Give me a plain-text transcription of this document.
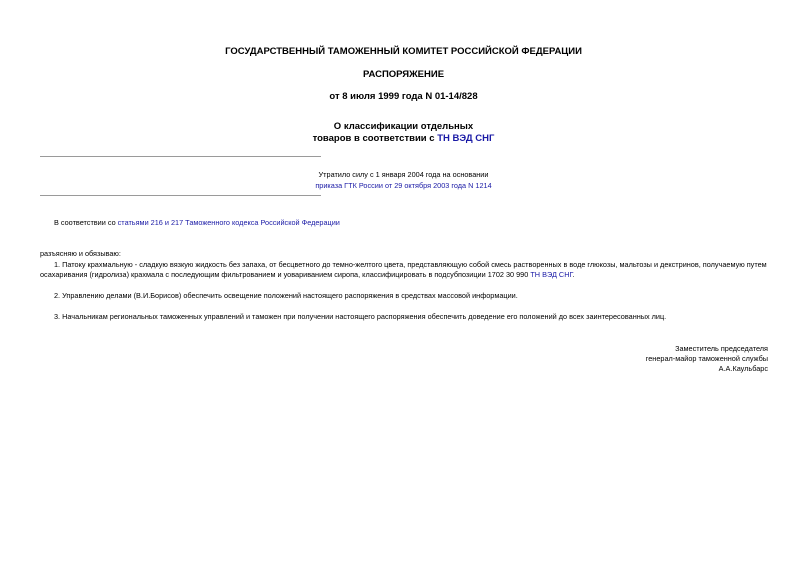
ГОСУДАРСТВЕННЫЙ ТАМОЖЕННЫЙ КОМИТЕТ РОССИЙСКОЙ ФЕДЕРАЦИИ
РАСПОРЯЖЕНИЕ
от 8 июля 1999 года N 01-14/828
О классификации отдельных
товаров в соответствии с ТН ВЭД СНГ
Утратило силу с 1 января 2004 года на основании
приказа ГТК России от 29 октября 2003 года N 1214
В соответствии со статьями 216 и 217 Таможенного кодекса Российской Федерации
разъясняю и обязываю:
1. Патоку крахмальную - сладкую вязкую жидкость без запаха, от бесцветного до темно-желтого цвета, представляющую собой смесь растворенных в воде глюкозы, мальтозы и декстринов, получаемую путем
осахаривания (гидролиза) крахмала с последующим фильтрованием и уовариванием сиропа, классифицировать в подсубпозиции 1702 30 990 ТН ВЭД СНГ.
2. Управлению делами (В.И.Борисов) обеспечить освещение положений настоящего распоряжения в средствах массовой информации.
3. Начальникам региональных таможенных управлений и таможен при получении настоящего распоряжения обеспечить доведение его положений до всех заинтересованных лиц.
Заместитель председателя
генерал-майор таможенной службы
А.А.Каульбарс
